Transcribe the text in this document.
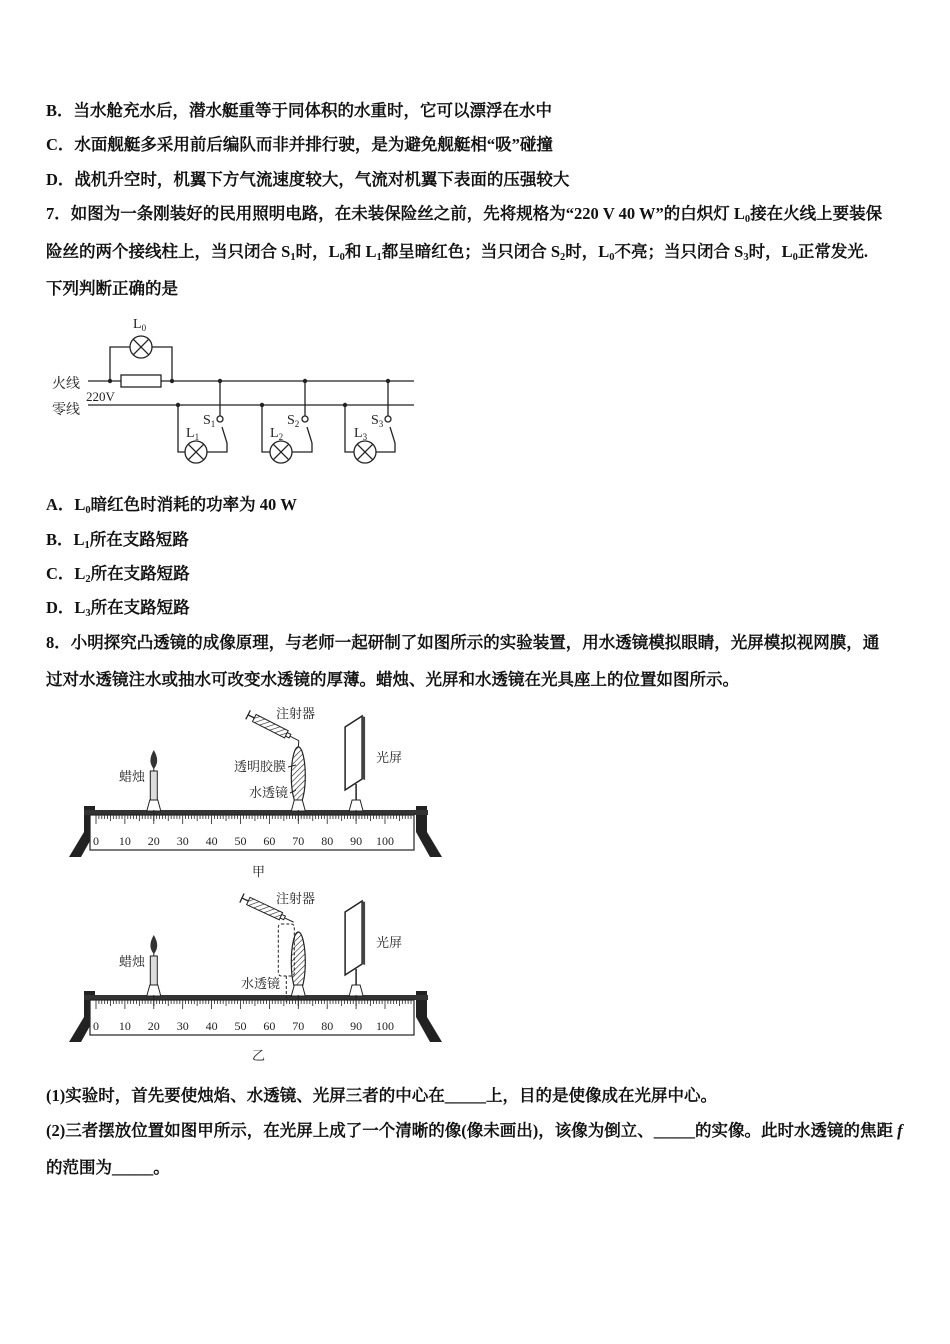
B．当水舱充水后，潜水艇重等于同体积的水重时，它可以漂浮在水中
C．水面舰艇多采用前后编队而非并排行驶，是为避免舰艇相“吸”碰撞
D．战机升空时，机翼下方气流速度较大，气流对机翼下表面的压强较大
7．如图为一条刚装好的民用照明电路，在未装保险丝之前，先将规格为“220 V 40 W”的白炽灯 $L_0$接在火线上要装保
险丝的两个接线柱上，当只闭合 $S_1$时，$L_0$和 $L_1$都呈暗红色；当只闭合 $S_2$时，$L_0$不亮；当只闭合 $S_3$时，$L_0$正常发光.
下列判断正确的是
$L_0$
火线
零线
220V
$S_1$
$L_1$
$S_2$
$L_2$
$S_3$
$L_3$
A．$L_0$暗红色时消耗的功率为 40 W
B．$L_1$所在支路短路
C．$L_2$所在支路短路
D．$L_3$所在支路短路
8．小明探究凸透镜的成像原理，与老师一起研制了如图所示的实验装置，用水透镜模拟眼睛，光屏模拟视网膜，通
过对水透镜注水或抽水可改变水透镜的厚薄。蜡烛、光屏和水透镜在光具座上的位置如图所示。
0 10 20 30 40 50 60 70 80 90 100
注射器
蜡烛
透明胶膜
水透镜
光屏
甲
0 10 20 30 40 50 60 70 80 90 100
注射器
蜡烛
水透镜
光屏
乙
(1)实验时，首先要使烛焰、水透镜、光屏三者的中心在_____上，目的是使像成在光屏中心。
(2)三者摆放位置如图甲所示，在光屏上成了一个清晰的像(像未画出)，该像为倒立、_____的实像。此时水透镜的焦距 f
的范围为_____。
